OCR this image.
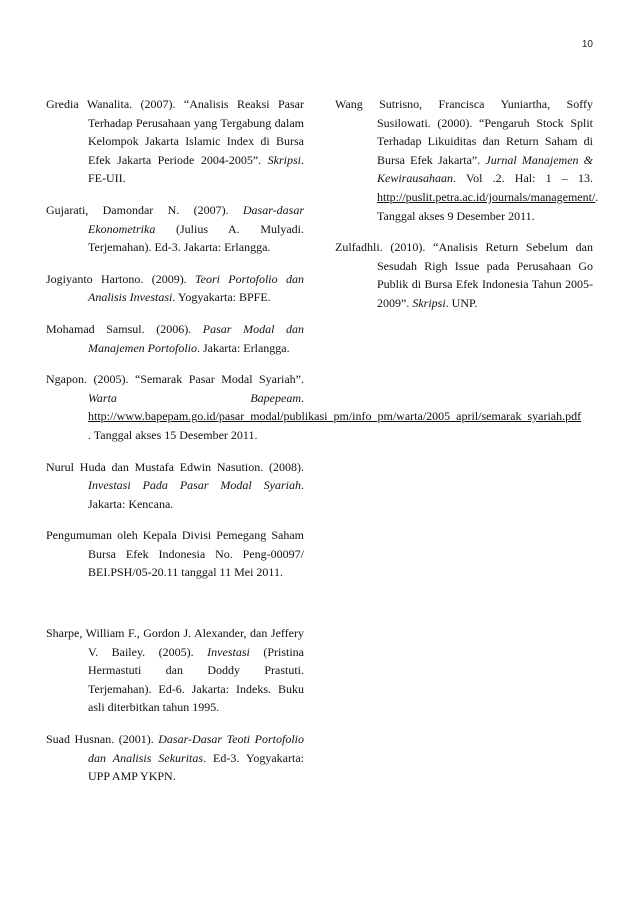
10

Gredia Wanalita. (2007). “Analisis Reaksi Pasar Terhadap Perusahaan yang Tergabung dalam Kelompok Jakarta Islamic Index di Bursa Efek Jakarta Periode 2004-2005”. Skripsi. FE-UII.

Gujarati, Damondar N. (2007). Dasar-dasar Ekonometrika (Julius A. Mulyadi. Terjemahan). Ed-3. Jakarta: Erlangga.

Jogiyanto Hartono. (2009). Teori Portofolio dan Analisis Investasi. Yogyakarta: BPFE.

Mohamad Samsul. (2006). Pasar Modal dan Manajemen Portofolio. Jakarta: Erlangga.

Ngapon. (2005). “Semarak Pasar Modal Syariah”. Warta Bapepeam. http://www.bapepam.go.id/pasar_modal/publikasi_pm/info_pm/warta/2005_april/semarak_syariah.pdf . Tanggal akses 15 Desember 2011.

Nurul Huda dan Mustafa Edwin Nasution. (2008). Investasi Pada Pasar Modal Syariah. Jakarta: Kencana.

Pengumuman oleh Kepala Divisi Pemegang Saham Bursa Efek Indonesia No. Peng-00097/ BEI.PSH/05-20.11 tanggal 11 Mei 2011.

Sharpe, William F., Gordon J. Alexander, dan Jeffery V. Bailey. (2005). Investasi (Pristina Hermastuti dan Doddy Prastuti. Terjemahan). Ed-6. Jakarta: Indeks. Buku asli diterbitkan tahun 1995.

Suad Husnan. (2001). Dasar-Dasar Teoti Portofolio dan Analisis Sekuritas. Ed-3. Yogyakarta: UPP AMP YKPN.

Wang Sutrisno, Francisca Yuniartha, Soffy Susilowati. (2000). “Pengaruh Stock Split Terhadap Likuiditas dan Return Saham di Bursa Efek Jakarta”. Jurnal Manajemen & Kewirausahaan. Vol .2. Hal: 1 – 13. http://puslit.petra.ac.id/journals/management/. Tanggal akses 9 Desember 2011.

Zulfadhli. (2010). “Analisis Return Sebelum dan Sesudah Righ Issue pada Perusahaan Go Publik di Bursa Efek Indonesia Tahun 2005-2009”. Skripsi. UNP.
